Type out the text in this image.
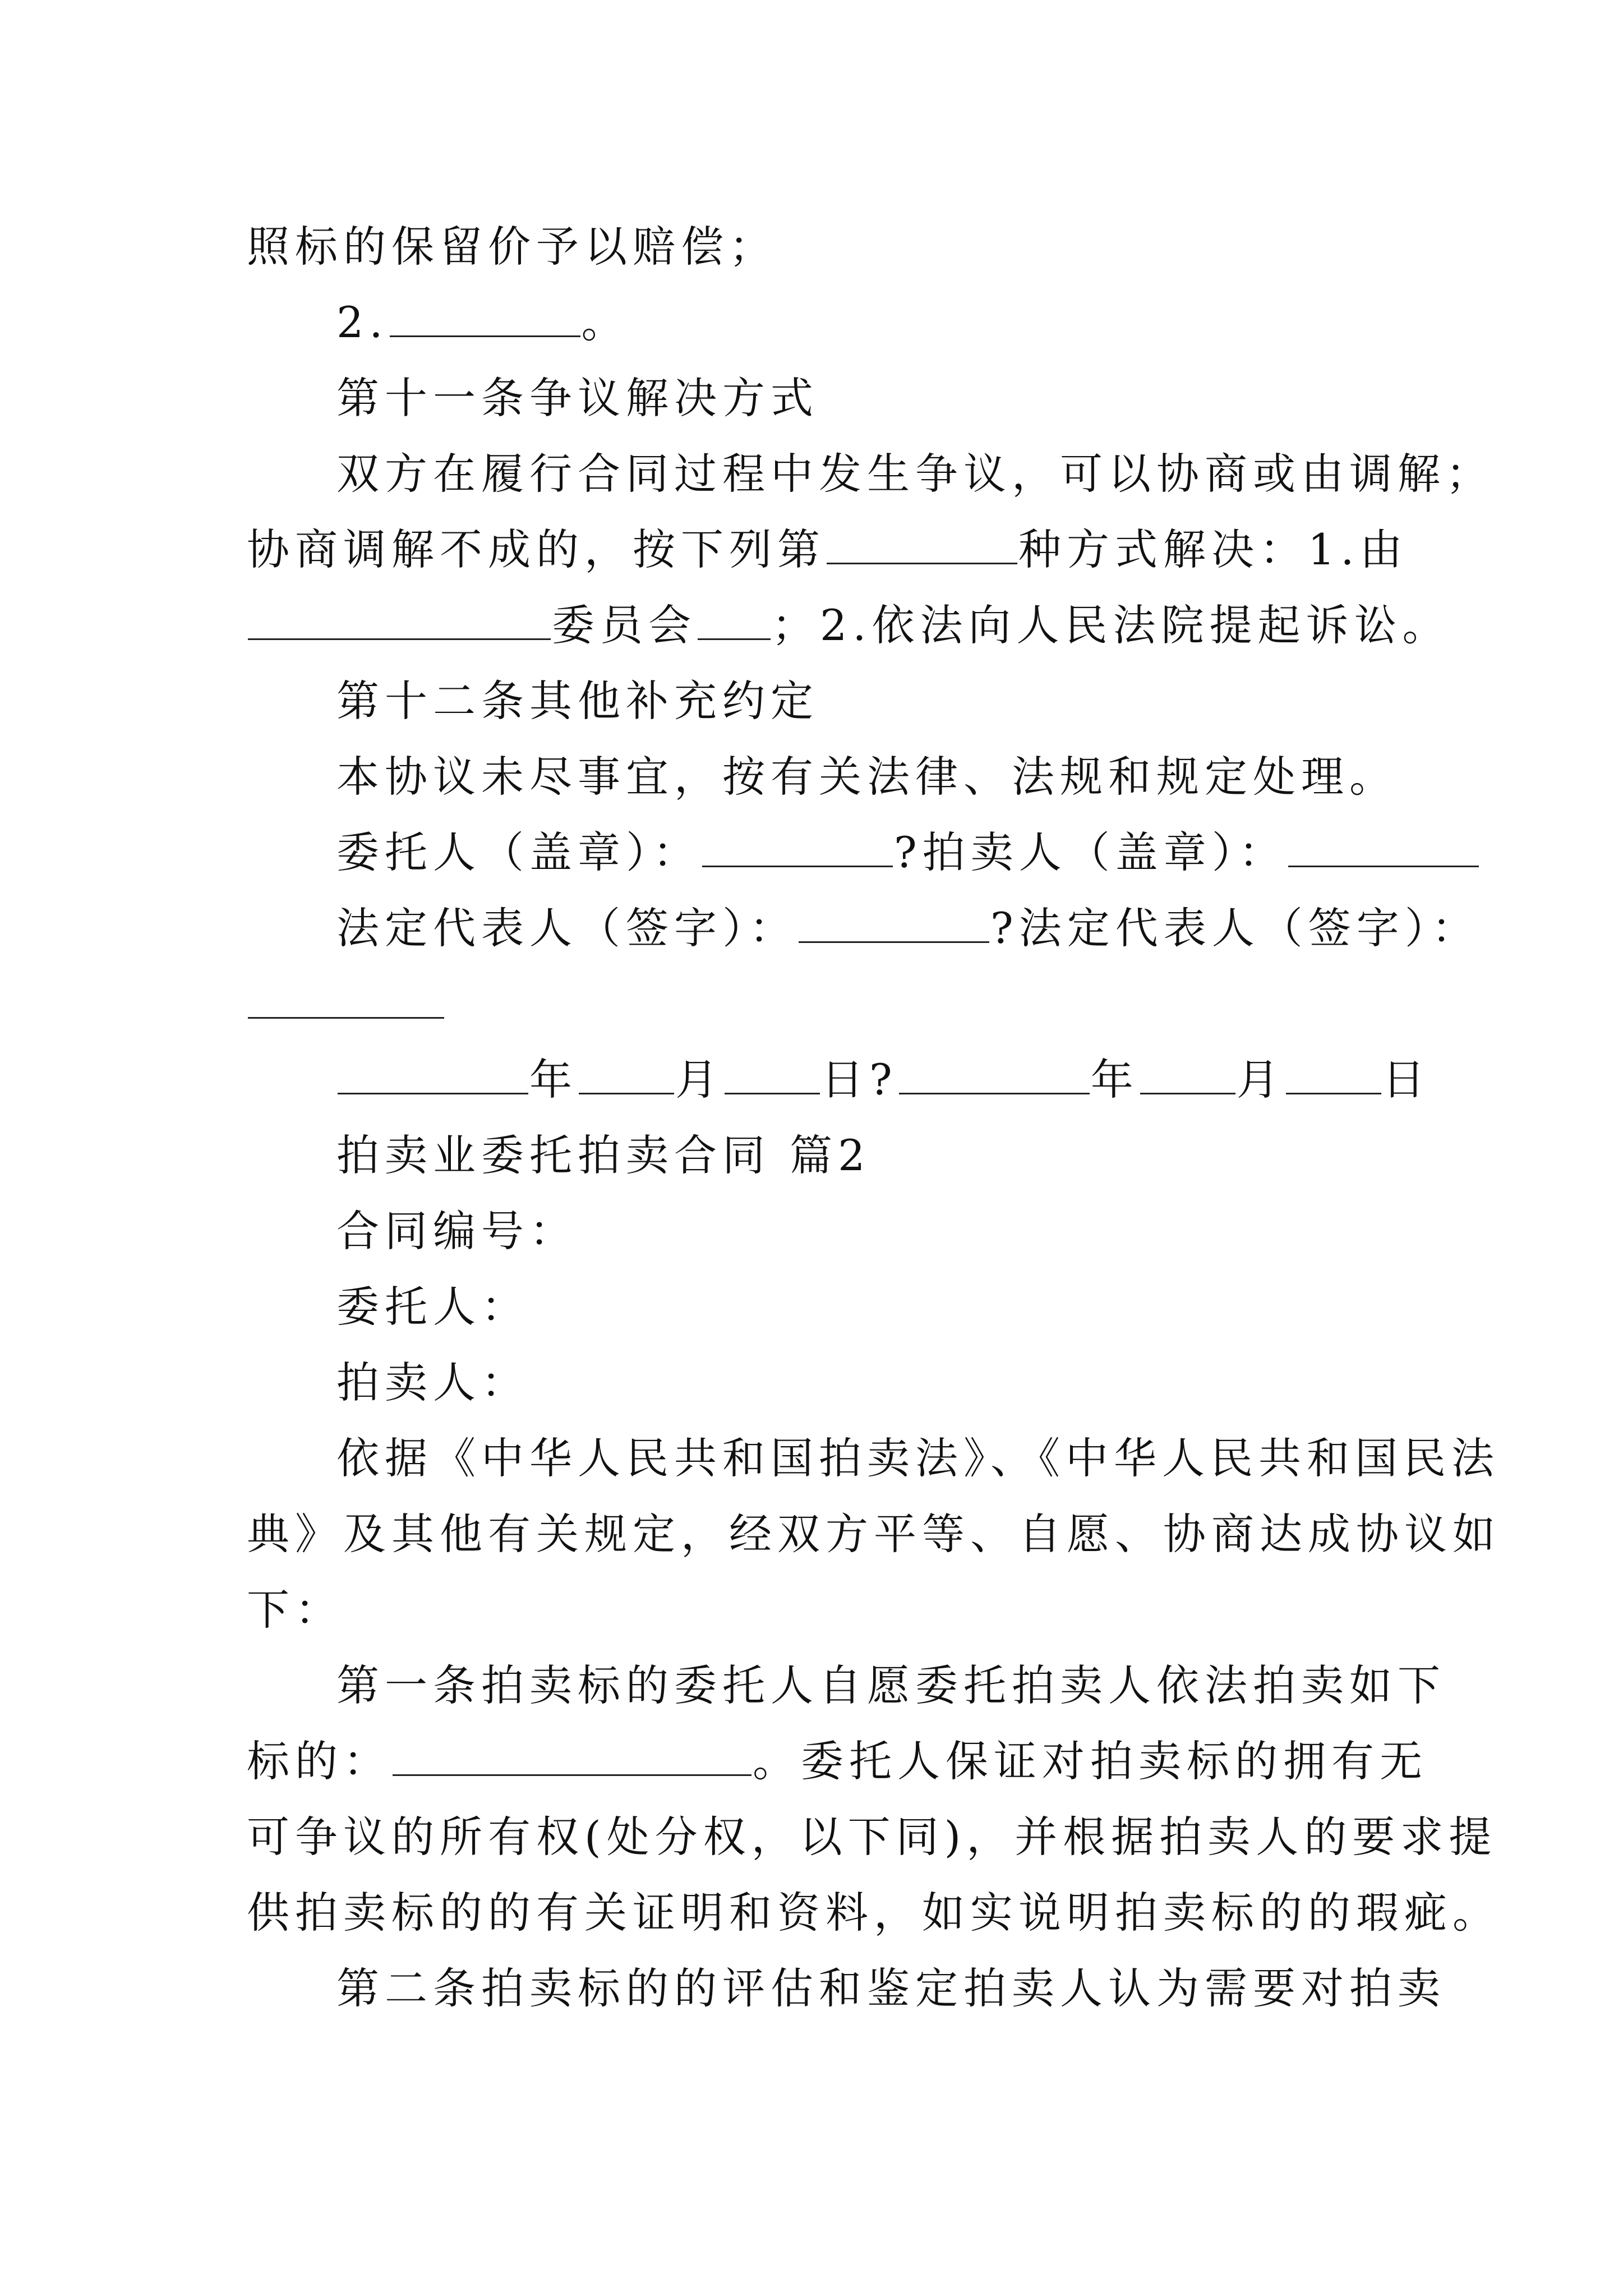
照标的保留价予以赔偿；
2.	。
第十一条争议解决方式
双方在履行合同过程中发生争议，可以协商或由调解；
协商调解不成的，按下列第	种方式解决：1.由
委员会 ；2.依法向人民法院提起诉讼。
第十二条其他补充约定
本协议未尽事宜，按有关法律、法规和规定处理。
委托人（盖章）：	?拍卖人（盖章）：
法定代表人（签字）：	?法定代表人（签字）：
年 月 日?	年 月 日
拍卖业委托拍卖合同 篇2
合同编号：
委托人：
拍卖人：
依据《中华人民共和国拍卖法》、《中华人民共和国民法
典》及其他有关规定，经双方平等、自愿、协商达成协议如
下：
第一条拍卖标的委托人自愿委托拍卖人依法拍卖如下
标的：	。委托人保证对拍卖标的拥有无
可争议的所有权(处分权，以下同)，并根据拍卖人的要求提
供拍卖标的的有关证明和资料，如实说明拍卖标的的瑕疵。
第二条拍卖标的的评估和鉴定拍卖人认为需要对拍卖
